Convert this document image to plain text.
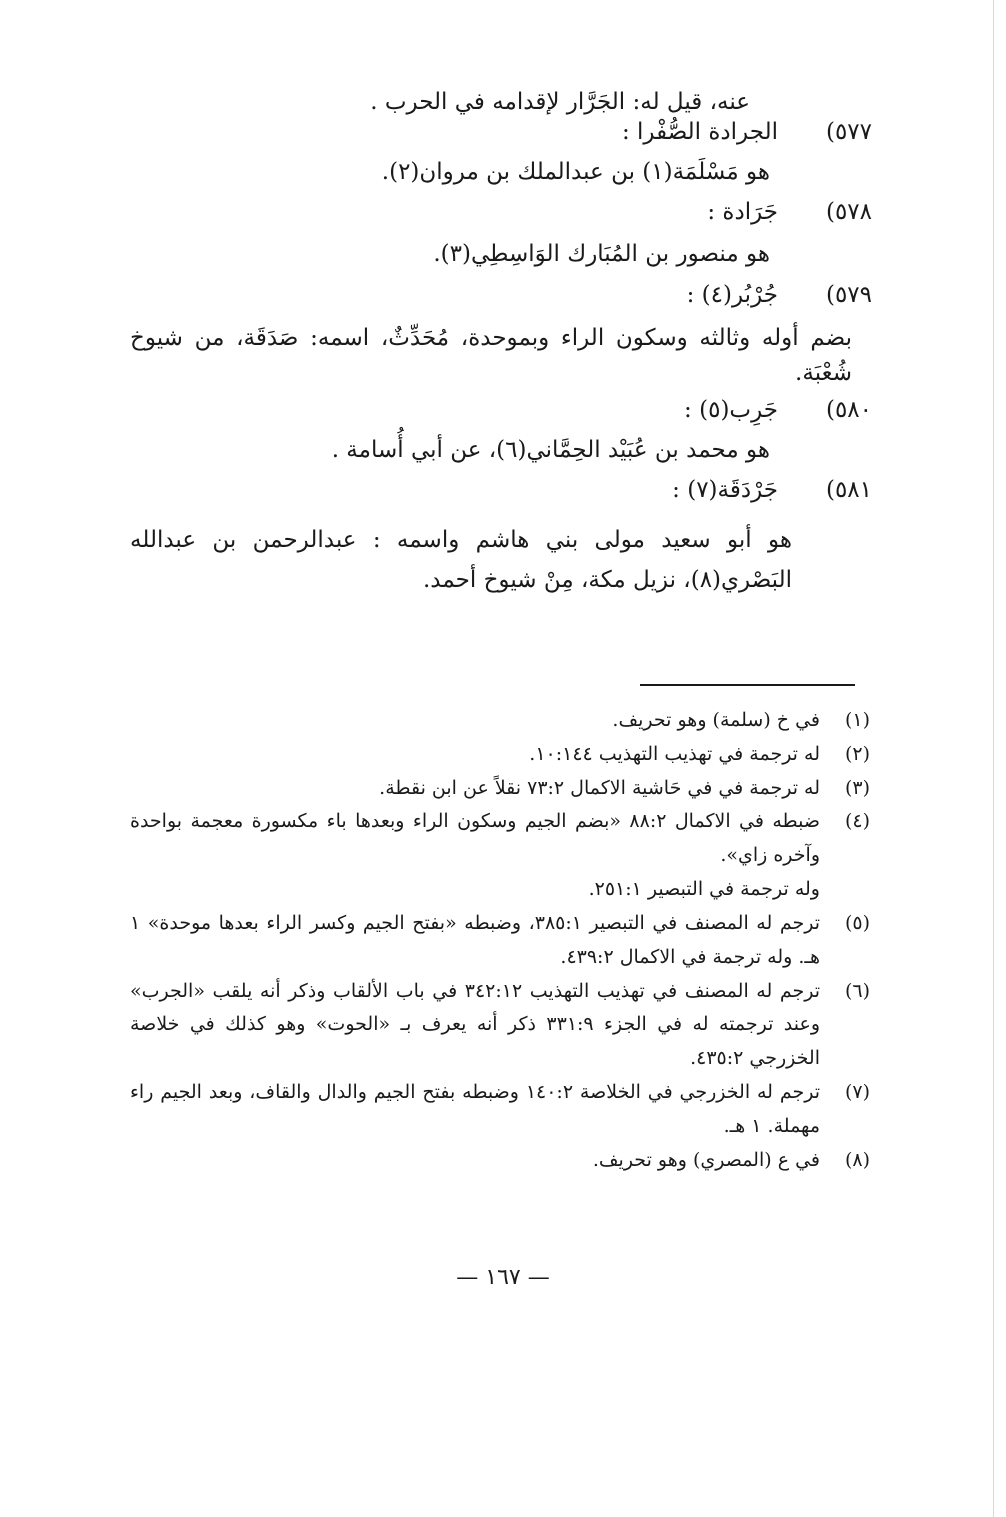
عنه، قيل له: الجَرَّار لإقدامه في الحرب .
٥٧٧)الجرادة الصُّفْرا :
هو مَسْلَمَة(١) بن عبدالملك بن مروان(٢).
٥٧٨)جَرَادة :
هو منصور بن المُبَارك الوَاسِطِي(٣).
٥٧٩)جُرْبُر(٤) :
بضم أوله وثالثه وسكون الراء وبموحدة، مُحَدِّثٌ، اسمه: صَدَقَة، من شيوخ شُعْبَة.
٥٨٠)جَرِب(٥) :
هو محمد بن عُبَيْد الحِمَّاني(٦)، عن أبي أُسامة .
٥٨١)جَرْدَقَة(٧) :
هو أبو سعيد مولى بني هاشم واسمه : عبدالرحمن بن عبدالله البَصْري(٨)، نزيل مكة، مِنْ شيوخ أحمد.
(١)
في خ (سلمة) وهو تحريف.
(٢)
له ترجمة في تهذيب التهذيب ١٠:١٤٤.
(٣)
له ترجمة في في حَاشية الاكمال ٧٣:٢ نقلاً عن ابن نقطة.
(٤)
ضبطه في الاكمال ٨٨:٢ «بضم الجيم وسكون الراء وبعدها باء مكسورة معجمة بواحدة وآخره زاي».
وله ترجمة في التبصير ٢٥١:١.
(٥)
ترجم له المصنف في التبصير ٣٨٥:١، وضبطه «بفتح الجيم وكسر الراء بعدها موحدة» ١ هـ. وله ترجمة في الاكمال ٤٣٩:٢.
(٦)
ترجم له المصنف في تهذيب التهذيب ٣٤٢:١٢ في باب الألقاب وذكر أنه يلقب «الجرب» وعند ترجمته له في الجزء ٣٣١:٩ ذكر أنه يعرف بـ «الحوت» وهو كذلك في خلاصة الخزرجي ٤٣٥:٢.
(٧)
ترجم له الخزرجي في الخلاصة ١٤٠:٢ وضبطه بفتح الجيم والدال والقاف، وبعد الجيم راء مهملة. ١ هـ.
(٨)
في ع (المصري) وهو تحريف.
— ١٦٧ —
